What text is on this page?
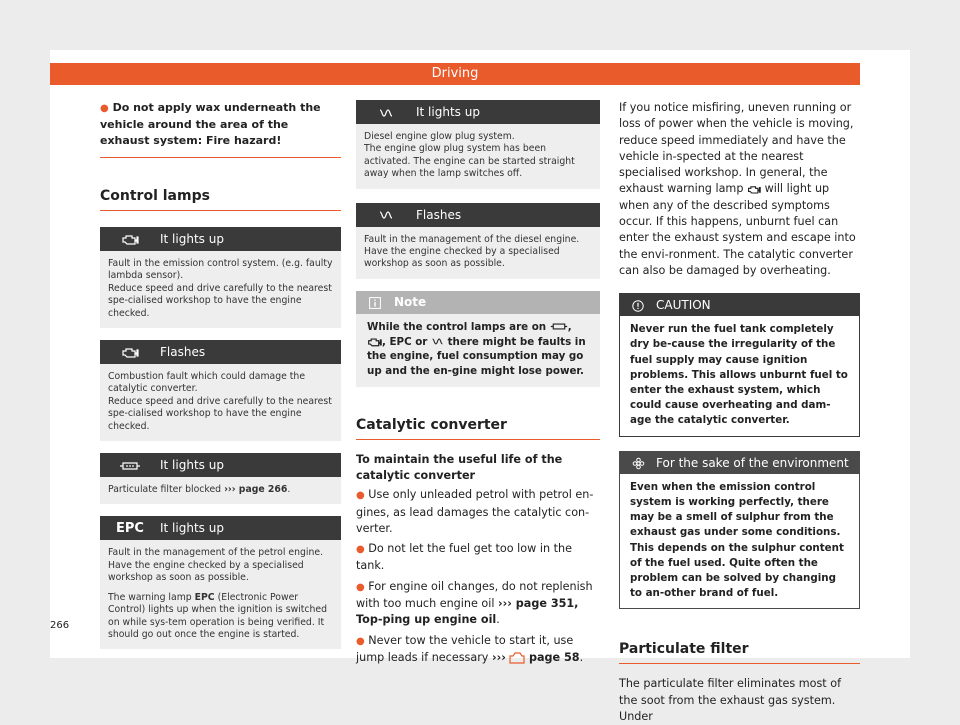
Driving
● Do not apply wax underneath the vehicle around the area of the exhaust system: Fire hazard!
Control lamps
It lights up

Fault in the emission control system. (e.g. faulty lambda sensor).

Reduce speed and drive carefully to the nearest spe-cialised workshop to have the engine checked.

Flashes

Combustion fault which could damage the catalytic converter.

Reduce speed and drive carefully to the nearest spe-cialised workshop to have the engine checked.

It lights up

Particulate filter blocked ››› page 266.

EPC	It lights up

Fault in the management of the petrol engine.

Have the engine checked by a specialised workshop as soon as possible.

The warning lamp EPC (Electronic Power Control) lights up when the ignition is switched on while sys-tem operation is being verified. It should go out once the engine is started.

It lights up

Diesel engine glow plug system.

The engine glow plug system has been activated. The engine can be started straight away when the lamp switches off.

Flashes

Fault in the management of the diesel engine.

Have the engine checked by a specialised workshop as soon as possible.

Note
While the control lamps are on , , EPC or there might be faults in the engine, fuel consumption may go up and the en-gine might lose power.
Catalytic converter

To maintain the useful life of the catalytic converter

● Use only unleaded petrol with petrol en-gines, as lead damages the catalytic con-verter.

● Do not let the fuel get too low in the tank.

● For engine oil changes, do not replenish with too much engine oil ››› page 351, Top-ping up engine oil.

● Never tow the vehicle to start it, use jump leads if necessary ››› page 58.

If you notice misfiring, uneven running or loss of power when the vehicle is moving, reduce speed immediately and have the vehicle in-spected at the nearest specialised workshop. In general, the exhaust warning lamp will light up when any of the described symptoms occur. If this happens, unburnt fuel can enter the exhaust system and escape into the envi-ronment. The catalytic converter can also be damaged by overheating.

CAUTION
Never run the fuel tank completely dry be-cause the irregularity of the fuel supply may cause ignition problems. This allows unburnt fuel to enter the exhaust system, which could cause overheating and dam-age the catalytic converter.
For the sake of the environment
Even when the emission control system is working perfectly, there may be a smell of sulphur from the exhaust gas under some conditions. This depends on the sulphur content of the fuel used. Quite often the problem can be solved by changing to an-other brand of fuel.
Particulate filter

The particulate filter eliminates most of the soot from the exhaust gas system. Under

266
